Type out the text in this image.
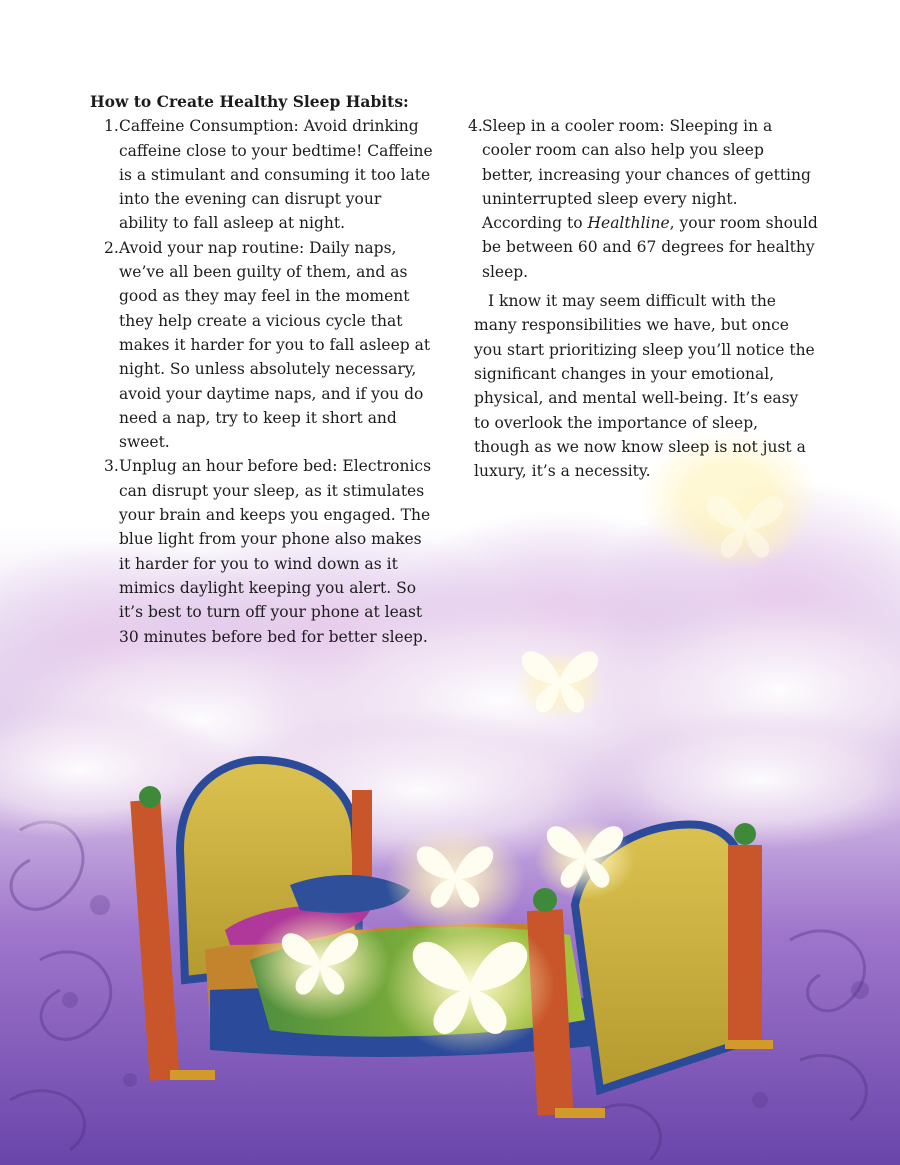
How to Create Healthy Sleep Habits:
1. Caffeine Consumption: Avoid drinking caffeine close to your bedtime! Caffeine is a stimulant and consuming it too late into the evening can disrupt your ability to fall asleep at night.
2. Avoid your nap routine: Daily naps, we’ve all been guilty of them, and as good as they may feel in the moment they help create a vicious cycle that makes it harder for you to fall asleep at night. So unless absolutely necessary, avoid your daytime naps, and if you do need a nap, try to keep it short and sweet.
3. Unplug an hour before bed: Electronics can disrupt your sleep, as it stimulates your brain and keeps you engaged. The blue light from your phone also makes it harder for you to wind down as it mimics daylight keeping you alert. So it’s best to turn off your phone at least 30 minutes before bed for better sleep.
4. Sleep in a cooler room: Sleeping in a cooler room can also help you sleep better, increasing your chances of getting uninterrupted sleep every night. According to Healthline, your room should be between 60 and 67 degrees for healthy sleep.

I know it may seem difficult with the many responsibilities we have, but once you start prioritizing sleep you’ll notice the significant changes in your emotional, physical, and mental well-being. It’s easy to overlook the importance of sleep, though as we now know sleep is not just a luxury, it’s a necessity.
